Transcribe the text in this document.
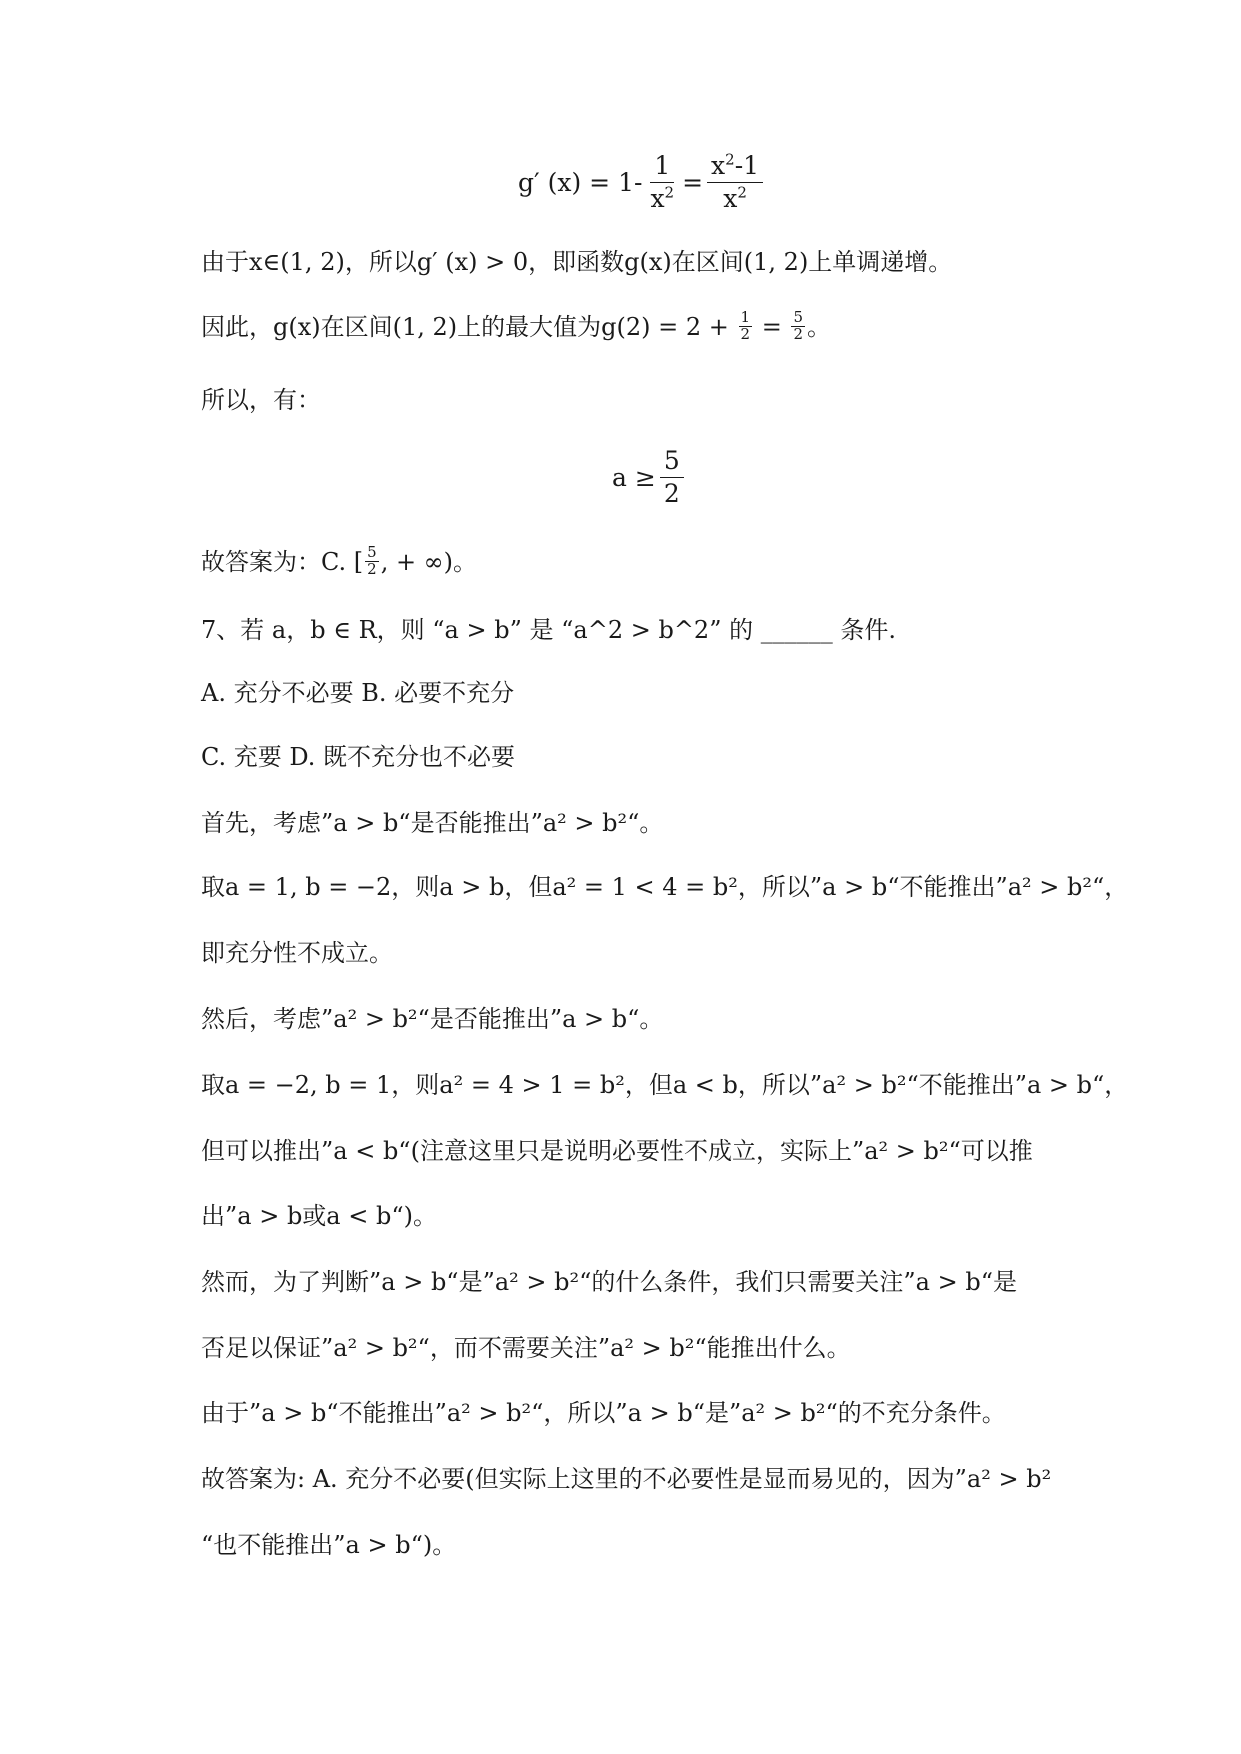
g′ $(x) = 1- \frac{1}{x^2} = \frac{x^2-1}{x^2}$
由于x∈(1, 2)，所以g′ (x) > 0，即函数g(x)在区间(1, 2)上单调递增。
因此，g(x)在区间(1, 2)上的最大值为$g(2) = 2 + \frac{1}{2} = \frac{5}{2}$ 。
所以，有：
$a \ge \frac{5}{2}$
故答案为：C. [ $\frac{5}{2}$ , + ∞)。
7、若 a，b ∈ R，则 “a > b” 是 “a^2 > b^2” 的 ______ 条件.
A. 充分不必要 B. 必要不充分
C. 充要 D. 既不充分也不必要
首先，考虑”a > b“是否能推出”a² > b²“。
取a = 1, b = −2，则a > b，但a² = 1 < 4 = b²，所以”a > b“不能推出”a² > b²“，
即充分性不成立。
然后，考虑”a² > b²“是否能推出”a > b“。
取a = −2, b = 1，则a² = 4 > 1 = b²，但a < b，所以”a² > b²“不能推出”a > b“，
但可以推出”a < b“(注意这里只是说明必要性不成立，实际上”a² > b²“可以推
出”a > b或a < b“)。
然而，为了判断”a > b“是”a² > b²“的什么条件，我们只需要关注”a > b“是
否足以保证”a² > b²“，而不需要关注”a² > b²“能推出什么。
由于”a > b“不能推出”a² > b²“，所以”a > b“是”a² > b²“的不充分条件。
故答案为: A. 充分不必要(但实际上这里的不必要性是显而易见的，因为”a² > b²
“也不能推出”a > b“)。
